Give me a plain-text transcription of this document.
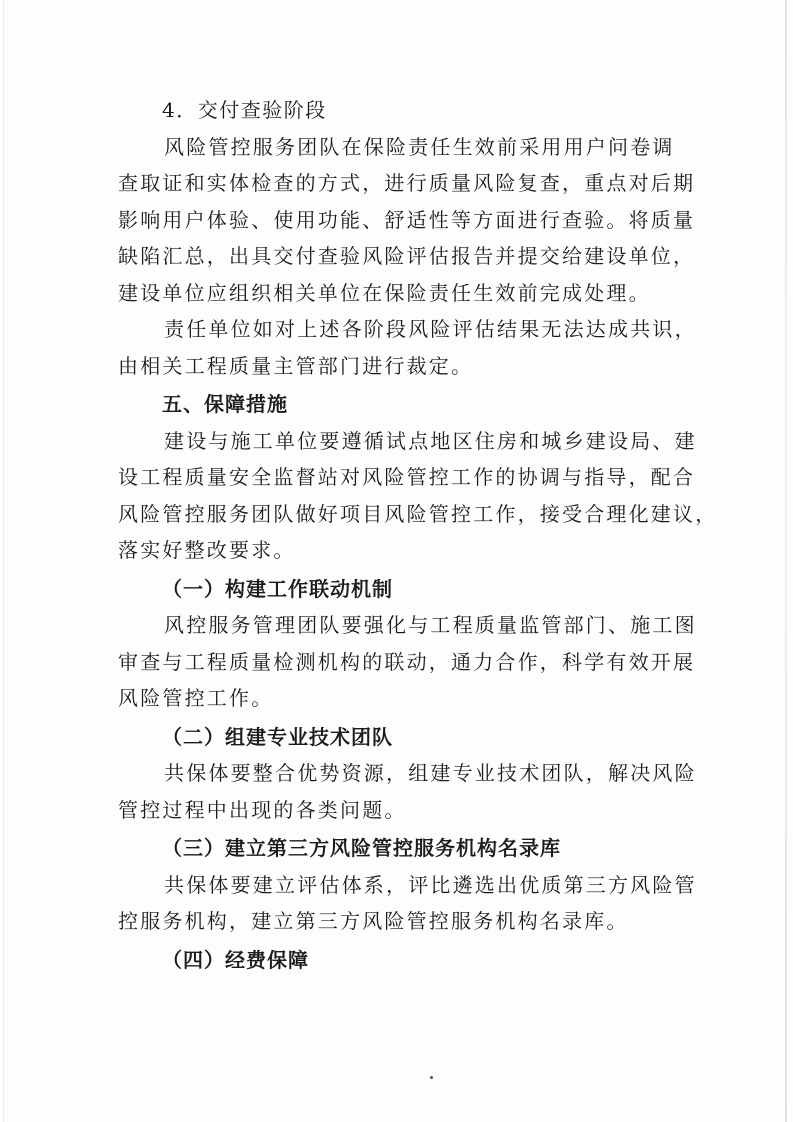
4．交付查验阶段
风险管控服务团队在保险责任生效前采用用户问卷调
查取证和实体检查的方式，进行质量风险复查，重点对后期
影响用户体验、使用功能、舒适性等方面进行查验。将质量
缺陷汇总，出具交付查验风险评估报告并提交给建设单位，
建设单位应组织相关单位在保险责任生效前完成处理。
责任单位如对上述各阶段风险评估结果无法达成共识，
由相关工程质量主管部门进行裁定。
五、保障措施
建设与施工单位要遵循试点地区住房和城乡建设局、建
设工程质量安全监督站对风险管控工作的协调与指导，配合
风险管控服务团队做好项目风险管控工作，接受合理化建议，
落实好整改要求。
（一）构建工作联动机制
风控服务管理团队要强化与工程质量监管部门、施工图
审查与工程质量检测机构的联动，通力合作，科学有效开展
风险管控工作。
（二）组建专业技术团队
共保体要整合优势资源，组建专业技术团队，解决风险
管控过程中出现的各类问题。
（三）建立第三方风险管控服务机构名录库
共保体要建立评估体系，评比遴选出优质第三方风险管
控服务机构，建立第三方风险管控服务机构名录库。
（四）经费保障
